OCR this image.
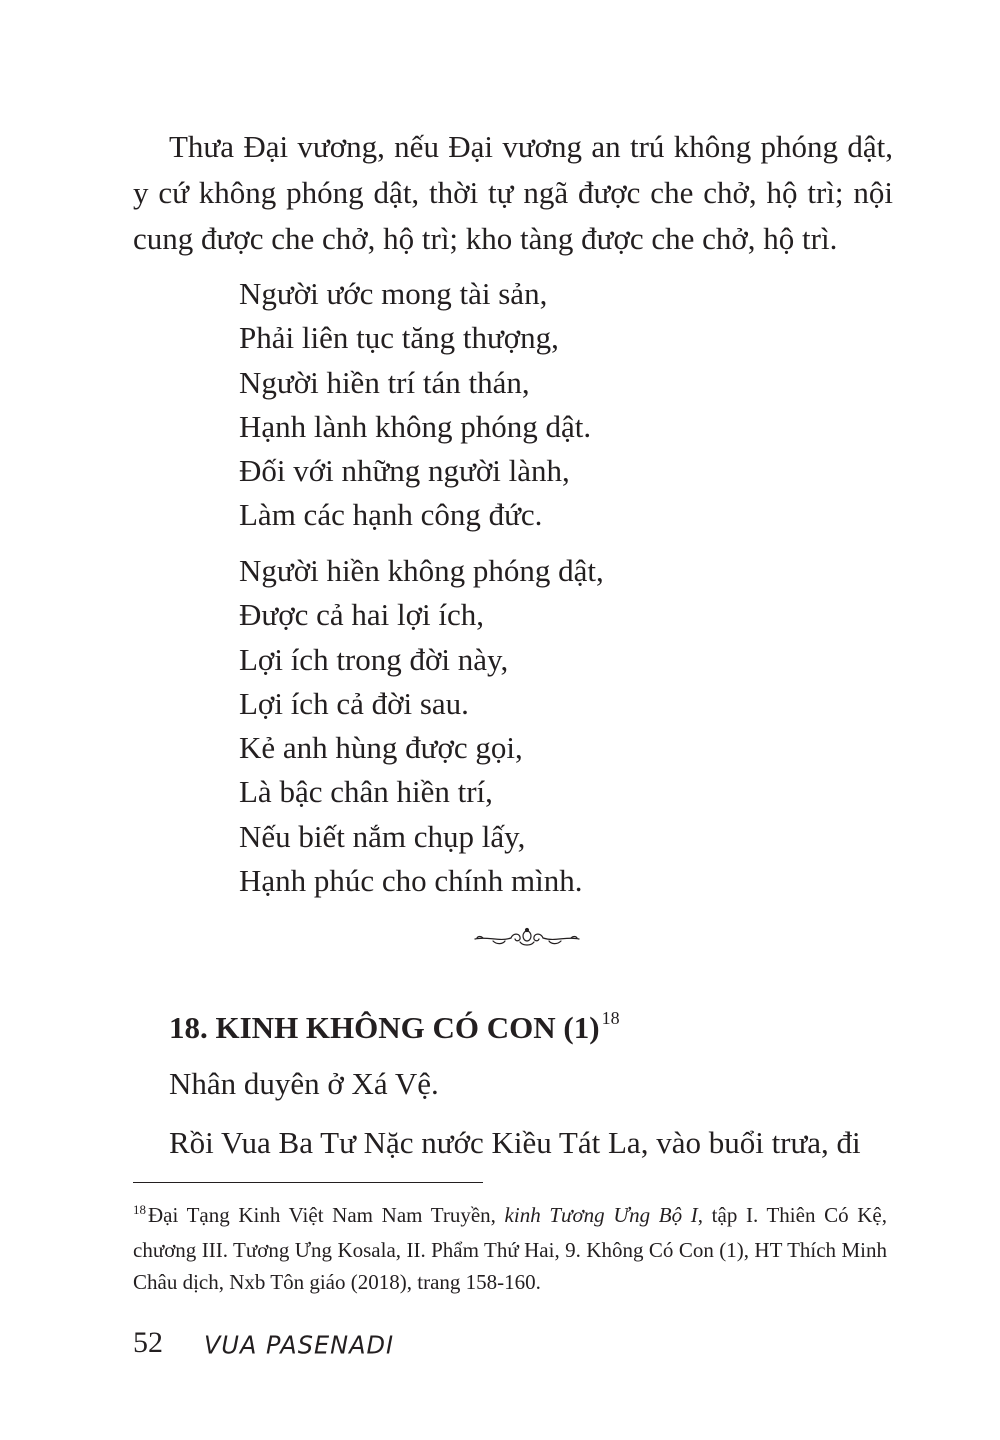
Thưa Đại vương, nếu Đại vương an trú không phóng dật, y cứ không phóng dật, thời tự ngã được che chở, hộ trì; nội cung được che chở, hộ trì; kho tàng được che chở, hộ trì.

Người ước mong tài sản,
Phải liên tục tăng thượng,
Người hiền trí tán thán,
Hạnh lành không phóng dật.
Đối với những người lành,
Làm các hạnh công đức.
Người hiền không phóng dật,
Được cả hai lợi ích,
Lợi ích trong đời này,
Lợi ích cả đời sau.
Kẻ anh hùng được gọi,
Là bậc chân hiền trí,
Nếu biết nắm chụp lấy,
Hạnh phúc cho chính mình.
18. KINH KHÔNG CÓ CON (1) $^{18}$

Nhân duyên ở Xá Vệ.

Rồi Vua Ba Tư Nặc nước Kiều Tát La, vào buổi trưa, đi

$^{18}$Đại Tạng Kinh Việt Nam Nam Truyền, kinh Tương Ưng Bộ I, tập I. Thiên Có Kệ, chương III. Tương Ưng Kosala, II. Phẩm Thứ Hai, 9. Không Có Con (1), HT Thích Minh Châu dịch, Nxb Tôn giáo (2018), trang 158-160.

52 VUA PASENADI
